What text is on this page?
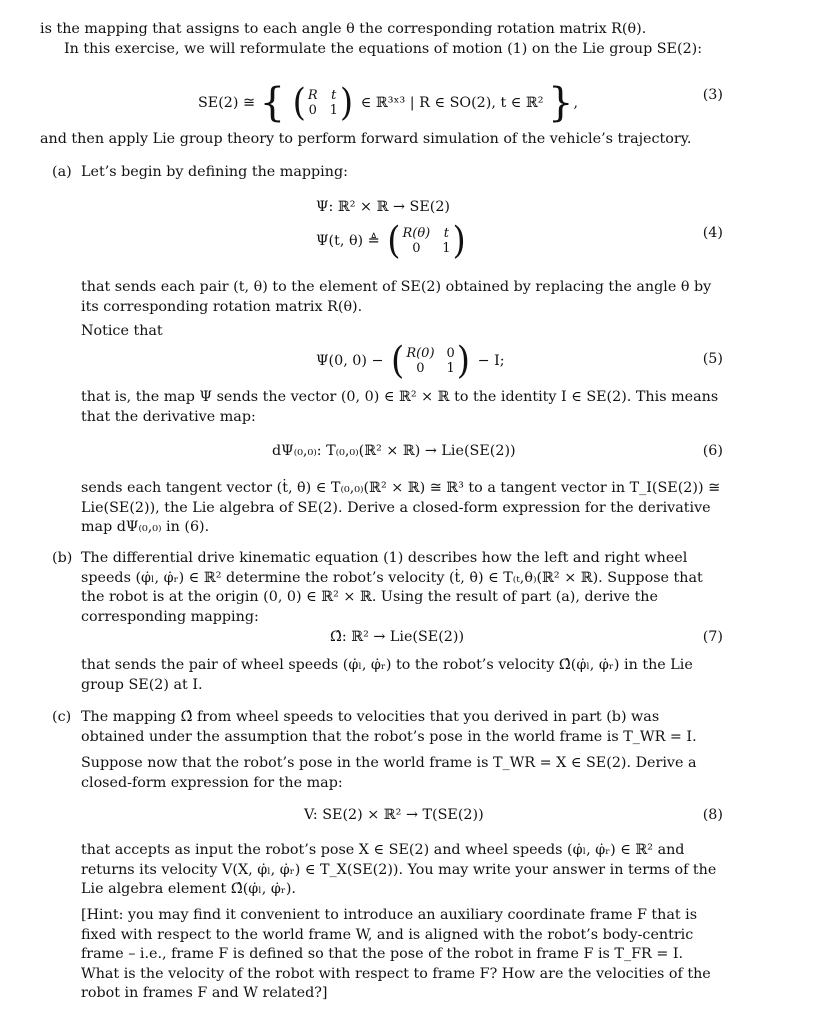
is the mapping that assigns to each angle θ the corresponding rotation matrix R(θ).

In this exercise, we will reformulate the equations of motion (1) on the Lie group SE(2):

SE(2) ≅ { ( R t
0 1 ) ∈ ℝ³ˣ³ | R ∈ SO(2), t ∈ ℝ² },	(3)

and then apply Lie group theory to perform forward simulation of the vehicle’s trajectory.

(a) Let’s begin by defining the mapping:

Ψ: ℝ² × ℝ → SE(2)
Ψ(t, θ) ≜ ( R(θ) t
0	1 )	(4)

that sends each pair (t, θ) to the element of SE(2) obtained by replacing the angle θ by its corresponding rotation matrix R(θ).

Notice that

Ψ(0, 0) − ( R(0) 0
0	1 ) − I;	(5)

that is, the map Ψ sends the vector (0, 0) ∈ ℝ² × ℝ to the identity I ∈ SE(2). This means that the derivative map:

dΨ₍₀,₀₎: T₍₀,₀₎(ℝ² × ℝ) → Lie(SE(2))	(6)

sends each tangent vector (ṫ, θ̇) ∈ T₍₀,₀₎(ℝ² × ℝ) ≅ ℝ³ to a tangent vector in T_I(SE(2)) ≅ Lie(SE(2)), the Lie algebra of SE(2). Derive a closed-form expression for the derivative map dΨ₍₀,₀₎ in (6).

(b) The differential drive kinematic equation (1) describes how the left and right wheel speeds (φ̇ₗ, φ̇ᵣ) ∈ ℝ² determine the robot’s velocity (ṫ, θ̇) ∈ T₍ₜ,θ₎(ℝ² × ℝ). Suppose that the robot is at the origin (0, 0) ∈ ℝ² × ℝ. Using the result of part (a), derive the corresponding mapping:

Ω̂: ℝ² → Lie(SE(2))	(7)

that sends the pair of wheel speeds (φ̇ₗ, φ̇ᵣ) to the robot’s velocity Ω̂(φ̇ₗ, φ̇ᵣ) in the Lie group SE(2) at I.

(c) The mapping Ω̂ from wheel speeds to velocities that you derived in part (b) was obtained under the assumption that the robot’s pose in the world frame is T_WR = I.

Suppose now that the robot’s pose in the world frame is T_WR = X ∈ SE(2). Derive a closed-form expression for the map:

V: SE(2) × ℝ² → T(SE(2))	(8)

that accepts as input the robot’s pose X ∈ SE(2) and wheel speeds (φ̇ₗ, φ̇ᵣ) ∈ ℝ² and returns its velocity V(X, φ̇ₗ, φ̇ᵣ) ∈ T_X(SE(2)). You may write your answer in terms of the Lie algebra element Ω̂(φ̇ₗ, φ̇ᵣ).

[Hint: you may find it convenient to introduce an auxiliary coordinate frame F that is fixed with respect to the world frame W, and is aligned with the robot’s body-centric frame – i.e., frame F is defined so that the pose of the robot in frame F is T_FR = I. What is the velocity of the robot with respect to frame F? How are the velocities of the robot in frames F and W related?]
